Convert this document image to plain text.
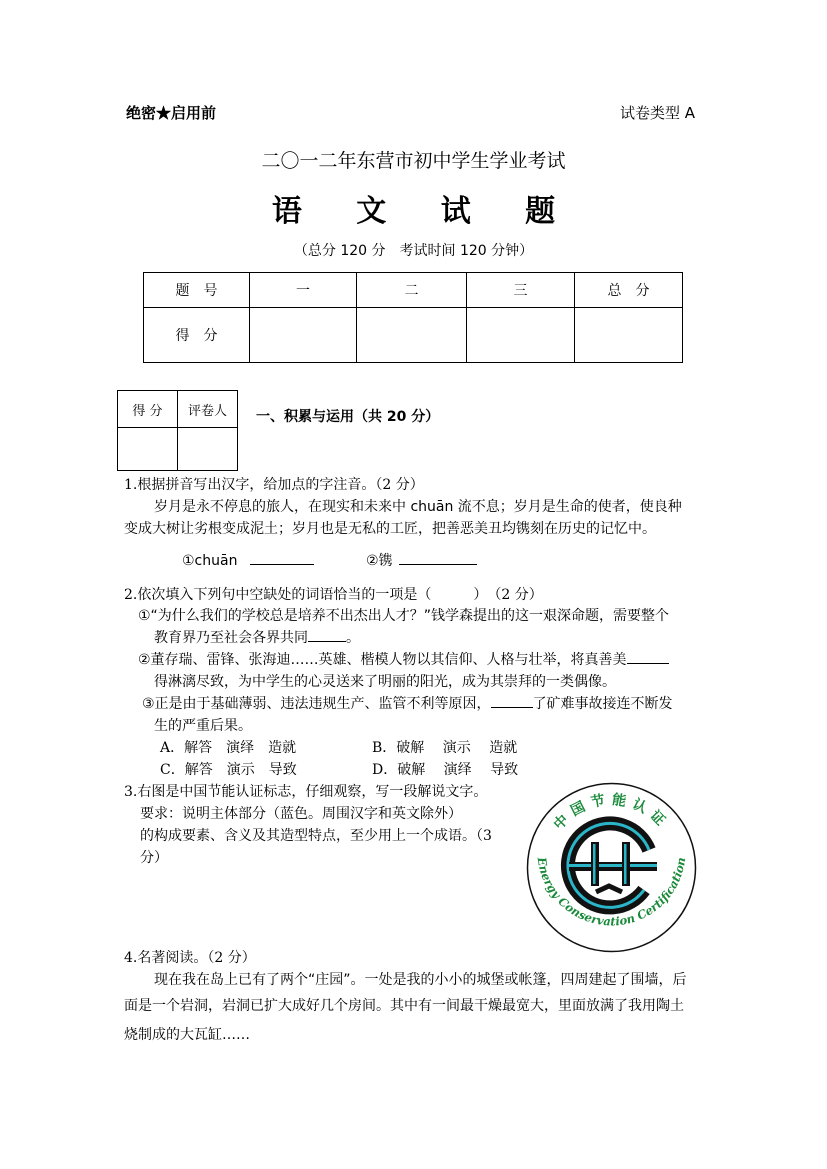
绝密★启用前	试卷类型 A
二〇一二年东营市初中学生学业考试
语 文 试 题
（总分 120 分　考试时间 120 分钟）
题　号	一	二	三	总　分
得　分				
得 分	评卷人
	一、积累与运用（共 20 分）
1.根据拼音写出汉字，给加点的字注音。（2 分）
岁月是永不停息的旅人，在现实和未来中 chuān 流不息；岁月是生命的使者，使良种
变成大树让劣根变成泥土；岁月也是无私的工匠，把善恶美丑均镌刻在历史的记忆中。
①chuān	②镌
2.依次填入下列句中空缺处的词语恰当的一项是（　　　）　（2 分）
①“为什么我们的学校总是培养不出杰出人才？”钱学森提出的这一艰深命题，需要整个
教育界乃至社会各界共同	。
②董存瑞、雷锋、张海迪……英雄、楷模人物以其信仰、人格与壮举，将真善美
得淋漓尽致，为中学生的心灵送来了明丽的阳光，成为其崇拜的一类偶像。
③正是由于基础薄弱、违法违规生产、监管不利等原因，	了矿难事故接连不断发
生的严重后果。
A．解答　演绎　造就	B．破解　 演示　 造就
C．解答　演示　导致	D．破解　 演绎　 导致
3.右图是中国节能认证标志，仔细观察，写一段解说文字。
要求：说明主体部分（蓝色。周围汉字和英文除外）
的构成要素、含义及其造型特点，至少用上一个成语。（3
分）
中国节能认证
Energy Conservation Certification
4.名著阅读。（2 分）
现在我在岛上已有了两个“庄园”。一处是我的小小的城堡或帐篷，四周建起了围墙，后
面是一个岩洞，岩洞已扩大成好几个房间。其中有一间最干燥最宽大，里面放满了我用陶土
烧制成的大瓦缸……
